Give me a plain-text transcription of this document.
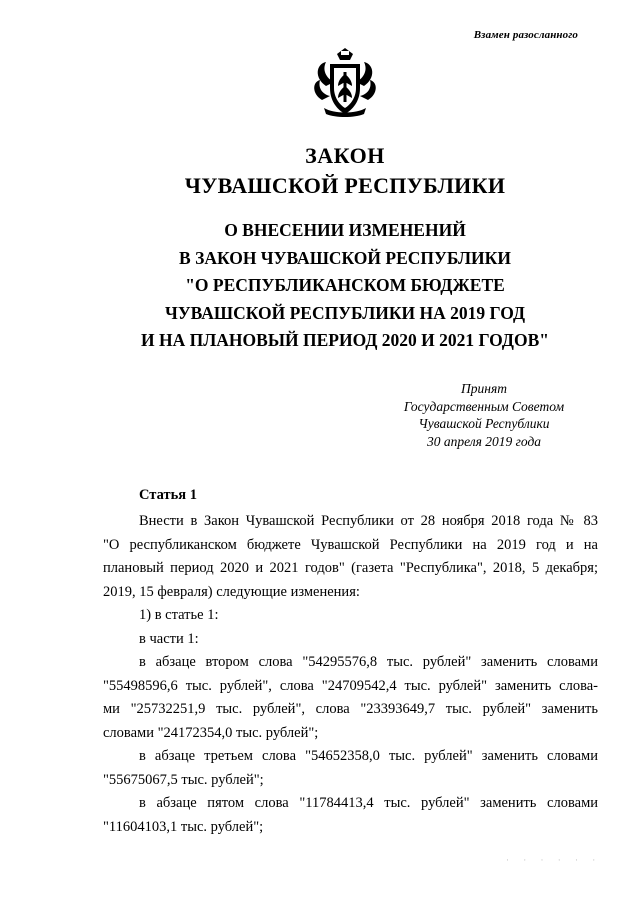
Взамен разосланного
ЗАКОН
ЧУВАШСКОЙ РЕСПУБЛИКИ
О ВНЕСЕНИИ ИЗМЕНЕНИЙ
В ЗАКОН ЧУВАШСКОЙ РЕСПУБЛИКИ
"О РЕСПУБЛИКАНСКОМ БЮДЖЕТЕ
ЧУВАШСКОЙ РЕСПУБЛИКИ НА 2019 ГОД
И НА ПЛАНОВЫЙ ПЕРИОД 2020 И 2021 ГОДОВ"
Принят
Государственным Советом
Чувашской Республики
30 апреля 2019 года
Статья 1
Внести в Закон Чувашской Республики от 28 ноября 2018 года № 83
"О республиканском бюджете Чувашской Республики на 2019 год и на
плановый период 2020 и 2021 годов" (газета "Республика", 2018, 5 декабря;
2019, 15 февраля) следующие изменения:
1) в статье 1:
в части 1:
в абзаце втором слова "54295576,8 тыс. рублей" заменить словами
"55498596,6 тыс. рублей", слова "24709542,4 тыс. рублей" заменить слова-
ми "25732251,9 тыс. рублей", слова "23393649,7 тыс. рублей" заменить
словами "24172354,0 тыс. рублей";
в абзаце третьем слова "54652358,0 тыс. рублей" заменить словами
"55675067,5 тыс. рублей";
в абзаце пятом слова "11784413,4 тыс. рублей" заменить словами
"11604103,1 тыс. рублей";
· · · · · ·
